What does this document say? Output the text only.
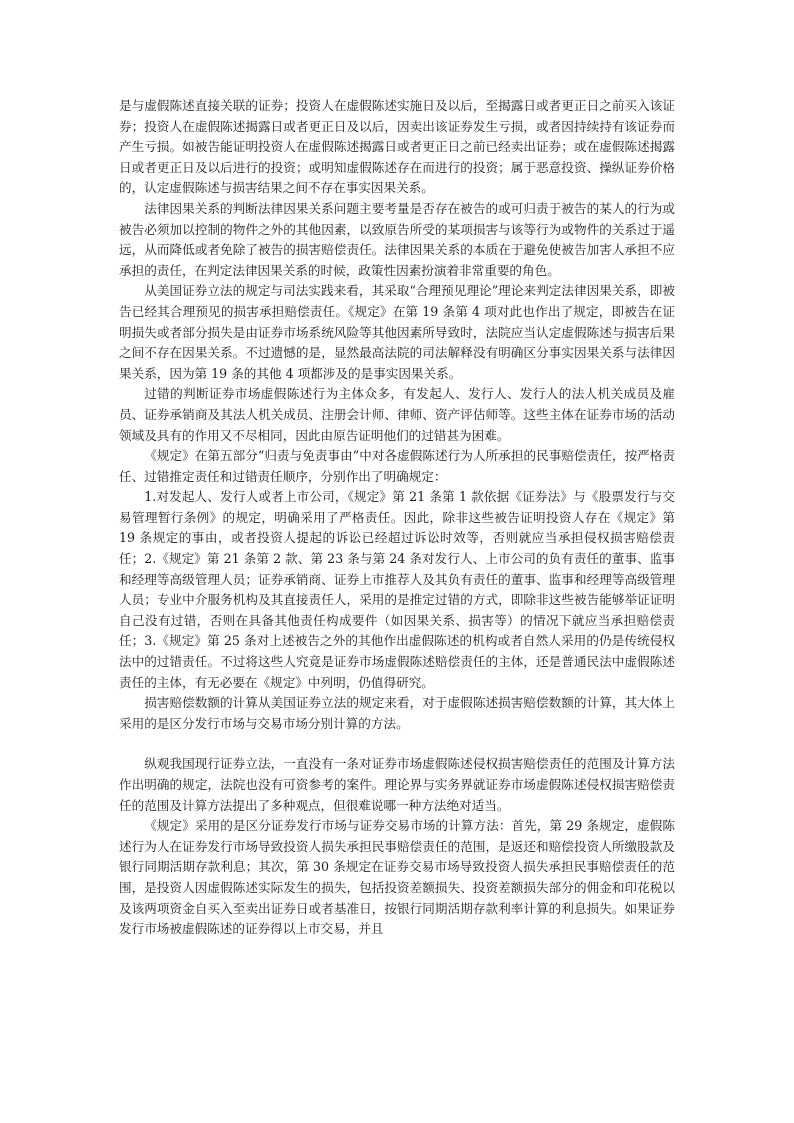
是与虚假陈述直接关联的证券；投资人在虚假陈述实施日及以后，至揭露日或者更正日之前买入该证券；投资人在虚假陈述揭露日或者更正日及以后，因卖出该证券发生亏损，或者因持续持有该证券而产生亏损。如被告能证明投资人在虚假陈述揭露日或者更正日之前已经卖出证券；或在虚假陈述揭露日或者更正日及以后进行的投资；或明知虚假陈述存在而进行的投资；属于恶意投资、操纵证券价格的，认定虚假陈述与损害结果之间不存在事实因果关系。

法律因果关系的判断法律因果关系问题主要考量是否存在被告的或可归责于被告的某人的行为或被告必须加以控制的物件之外的其他因素，以致原告所受的某项损害与该等行为或物件的关系过于遥远，从而降低或者免除了被告的损害赔偿责任。法律因果关系的本质在于避免使被告加害人承担不应承担的责任，在判定法律因果关系的时候，政策性因素扮演着非常重要的角色。

从美国证券立法的规定与司法实践来看，其采取“合理预见理论”理论来判定法律因果关系，即被告已经其合理预见的损害承担赔偿责任。《规定》在第 19 条第 4 项对此也作出了规定，即被告在证明损失或者部分损失是由证券市场系统风险等其他因素所导致时，法院应当认定虚假陈述与损害后果之间不存在因果关系。不过遗憾的是，显然最高法院的司法解释没有明确区分事实因果关系与法律因果关系，因为第 19 条的其他 4 项都涉及的是事实因果关系。

过错的判断证券市场虚假陈述行为主体众多，有发起人、发行人、发行人的法人机关成员及雇员、证券承销商及其法人机关成员、注册会计师、律师、资产评估师等。这些主体在证券市场的活动领域及具有的作用又不尽相同，因此由原告证明他们的过错甚为困难。

《规定》在第五部分“归责与免责事由”中对各虚假陈述行为人所承担的民事赔偿责任，按严格责任、过错推定责任和过错责任顺序，分别作出了明确规定：

1.对发起人、发行人或者上市公司，《规定》第 21 条第 1 款依据《证券法》与《股票发行与交易管理暂行条例》的规定，明确采用了严格责任。因此，除非这些被告证明投资人存在《规定》第 19 条规定的事由，或者投资人提起的诉讼已经超过诉讼时效等，否则就应当承担侵权损害赔偿责任；2.《规定》第 21 条第 2 款、第 23 条与第 24 条对发行人、上市公司的负有责任的董事、监事和经理等高级管理人员；证券承销商、证券上市推荐人及其负有责任的董事、监事和经理等高级管理人员；专业中介服务机构及其直接责任人，采用的是推定过错的方式，即除非这些被告能够举证证明自己没有过错，否则在具备其他责任构成要件（如因果关系、损害等）的情况下就应当承担赔偿责任；3.《规定》第 25 条对上述被告之外的其他作出虚假陈述的机构或者自然人采用的仍是传统侵权法中的过错责任。不过将这些人究竟是证券市场虚假陈述赔偿责任的主体，还是普通民法中虚假陈述责任的主体，有无必要在《规定》中列明，仍值得研究。

损害赔偿数额的计算从美国证券立法的规定来看，对于虚假陈述损害赔偿数额的计算，其大体上采用的是区分发行市场与交易市场分别计算的方法。

纵观我国现行证券立法，一直没有一条对证券市场虚假陈述侵权损害赔偿责任的范围及计算方法作出明确的规定，法院也没有可资参考的案件。理论界与实务界就证券市场虚假陈述侵权损害赔偿责任的范围及计算方法提出了多种观点，但很难说哪一种方法绝对适当。

《规定》采用的是区分证券发行市场与证券交易市场的计算方法：首先，第 29 条规定，虚假陈述行为人在证券发行市场导致投资人损失承担民事赔偿责任的范围，是返还和赔偿投资人所缴股款及银行同期活期存款利息；其次，第 30 条规定在证券交易市场导致投资人损失承担民事赔偿责任的范围，是投资人因虚假陈述实际发生的损失，包括投资差额损失、投资差额损失部分的佣金和印花税以及该两项资金自买入至卖出证券日或者基准日，按银行同期活期存款利率计算的利息损失。如果证券发行市场被虚假陈述的证券得以上市交易，并且
